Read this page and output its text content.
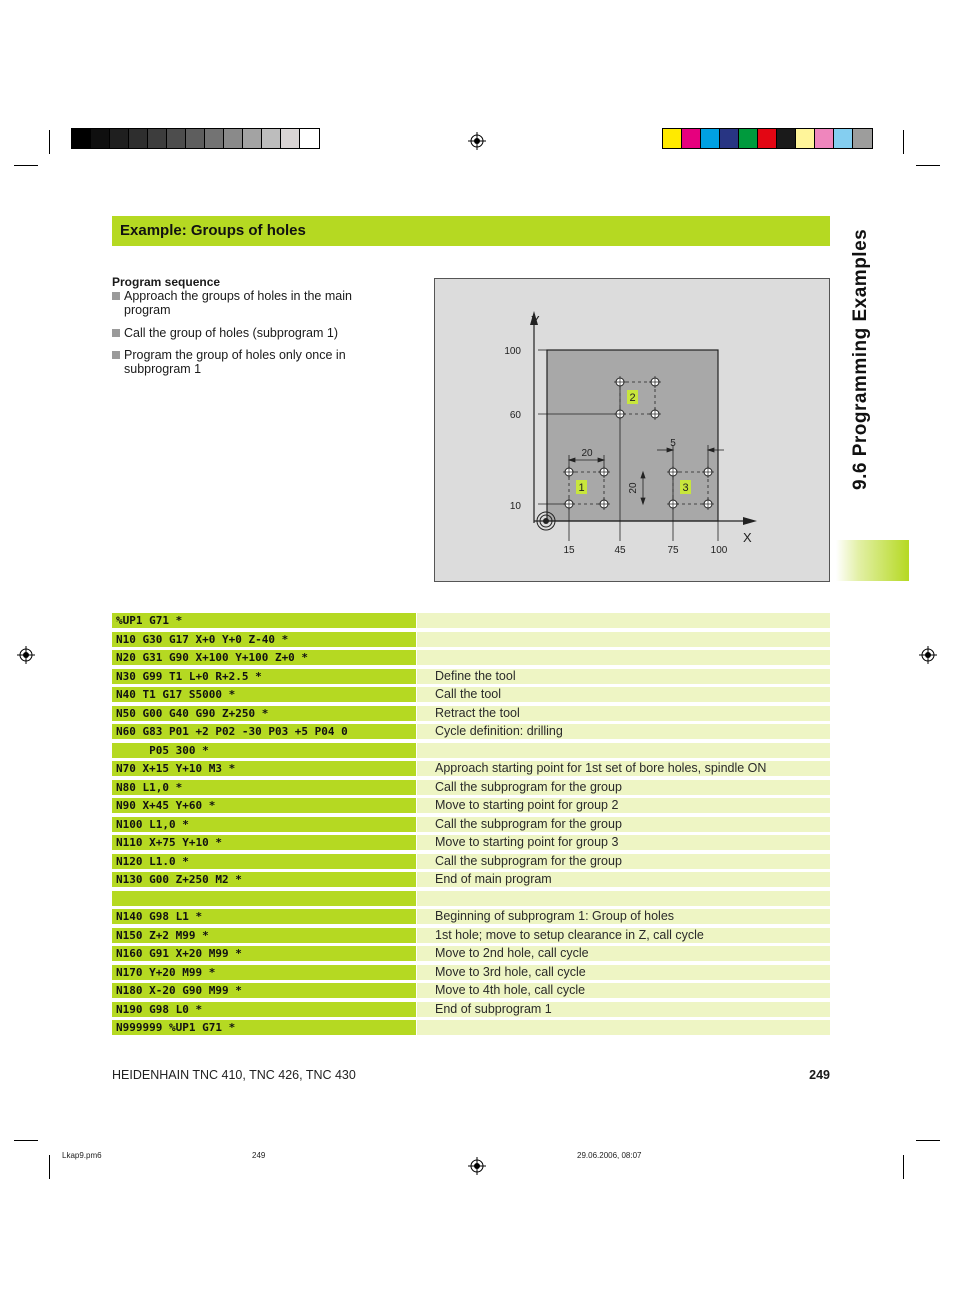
Example: Groups of holes	9.6 Programming Examples
Program sequence
Approach the groups of holes in the main program
Call the group of holes (subprogram 1)
Program the group of holes only once in subprogram 1
Y
X
100
60
10
15	45	75	100
20
5
20
1
2
3
%UP1 G71 *
N10 G30 G17 X+0 Y+0 Z-40 *
N20 G31 G90 X+100 Y+100 Z+0 *
N30 G99 T1 L+0 R+2.5 *	Define the tool
N40 T1 G17 S5000 *	Call the tool
N50 G00 G40 G90 Z+250 *	Retract the tool
N60 G83 P01 +2 P02 -30 P03 +5 P04 0	Cycle definition: drilling
P05 300 *
N70 X+15 Y+10 M3 *	Approach starting point for 1st set of bore holes, spindle ON
N80 L1,0 *	Call the subprogram for the group
N90 X+45 Y+60 *	Move to starting point for group 2
N100 L1,0 *	Call the subprogram for the group
N110 X+75 Y+10 *	Move to starting point for group 3
N120 L1.0 *	Call the subprogram for the group
N130 G00 Z+250 M2 *	End of main program
N140 G98 L1 *	Beginning of subprogram 1: Group of holes
N150 Z+2 M99 *	1st hole; move to setup clearance in Z, call cycle
N160 G91 X+20 M99 *	Move to 2nd hole, call cycle
N170 Y+20 M99 *	Move to 3rd hole, call cycle
N180 X-20 G90 M99 *	Move to 4th hole, call cycle
N190 G98 L0 *	End of subprogram 1
N999999 %UP1 G71 *
HEIDENHAIN TNC 410, TNC 426, TNC 430	249
Lkap9.pm6	249	29.06.2006, 08:07
